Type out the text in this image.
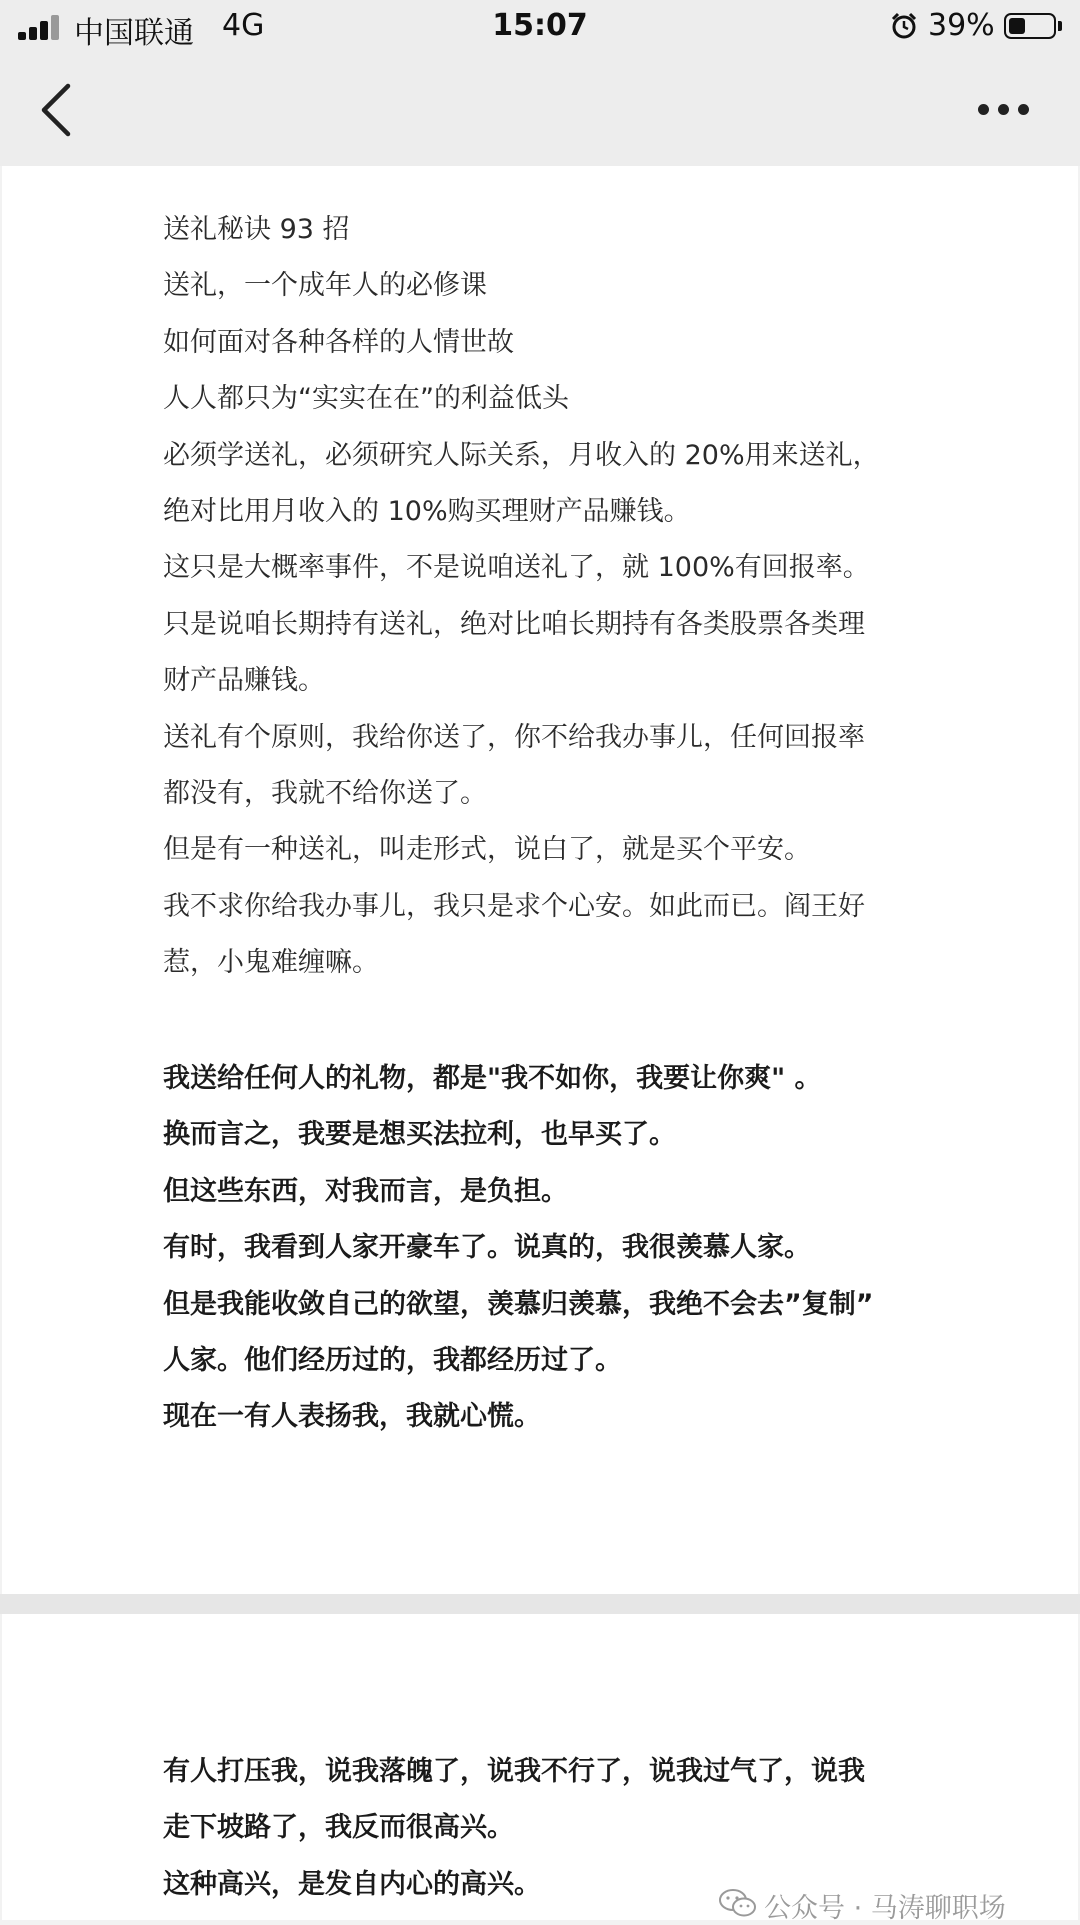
中国联通 4G	15:07	39%
送礼秘诀 93 招
送礼，一个成年人的必修课
如何面对各种各样的人情世故
人人都只为“实实在在”的利益低头
必须学送礼，必须研究人际关系，月收入的 20%用来送礼，
绝对比用月收入的 10%购买理财产品赚钱。
这只是大概率事件，不是说咱送礼了，就 100%有回报率。
只是说咱长期持有送礼，绝对比咱长期持有各类股票各类理
财产品赚钱。
送礼有个原则，我给你送了，你不给我办事儿，任何回报率
都没有，我就不给你送了。
但是有一种送礼，叫走形式，说白了，就是买个平安。
我不求你给我办事儿，我只是求个心安。如此而已。阎王好
惹，小鬼难缠嘛。
我送给任何人的礼物，都是"我不如你，我要让你爽" 。
换而言之，我要是想买法拉利，也早买了。
但这些东西，对我而言，是负担。
有时，我看到人家开豪车了。说真的，我很羡慕人家。
但是我能收敛自己的欲望，羡慕归羡慕，我绝不会去”复制”
人家。他们经历过的，我都经历过了。
现在一有人表扬我，我就心慌。
有人打压我，说我落魄了，说我不行了，说我过气了，说我
走下坡路了，我反而很高兴。
这种高兴，是发自内心的高兴。
公众号 · 马涛聊职场
